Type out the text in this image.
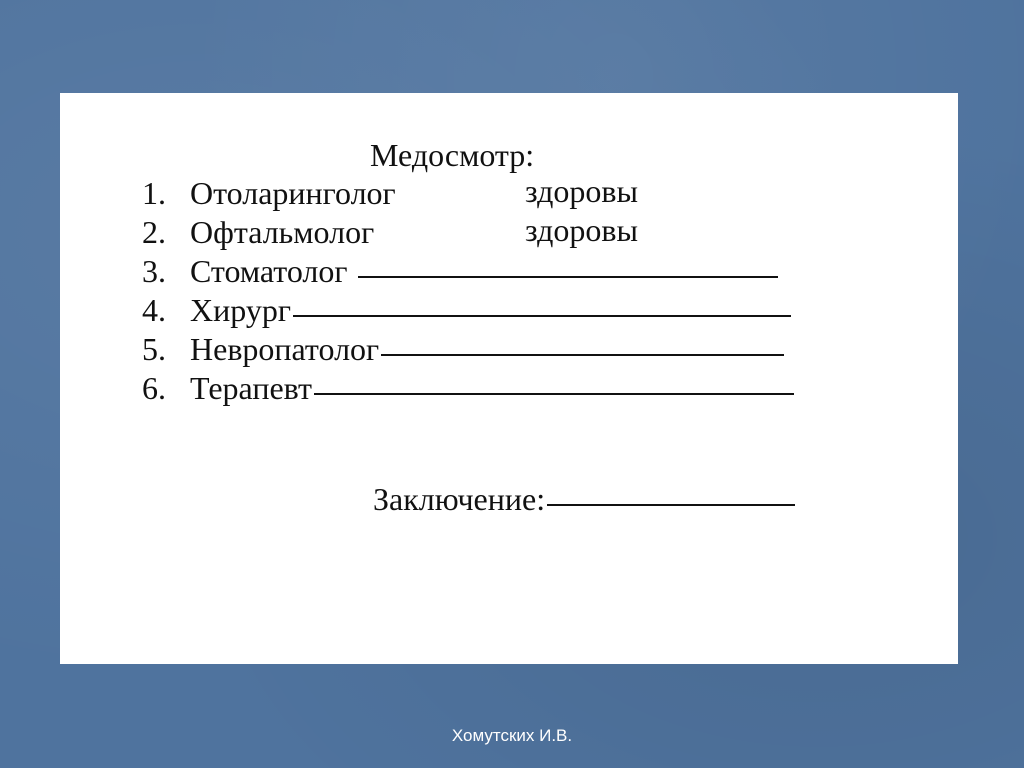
Медосмотр:
1. Отоларинголог	здоровы
2. Офтальмолог	здоровы
3. Стоматолог
4. Хирург
5. Невропатолог
6. Терапевт
Заключение:
Хомутских И.В.
